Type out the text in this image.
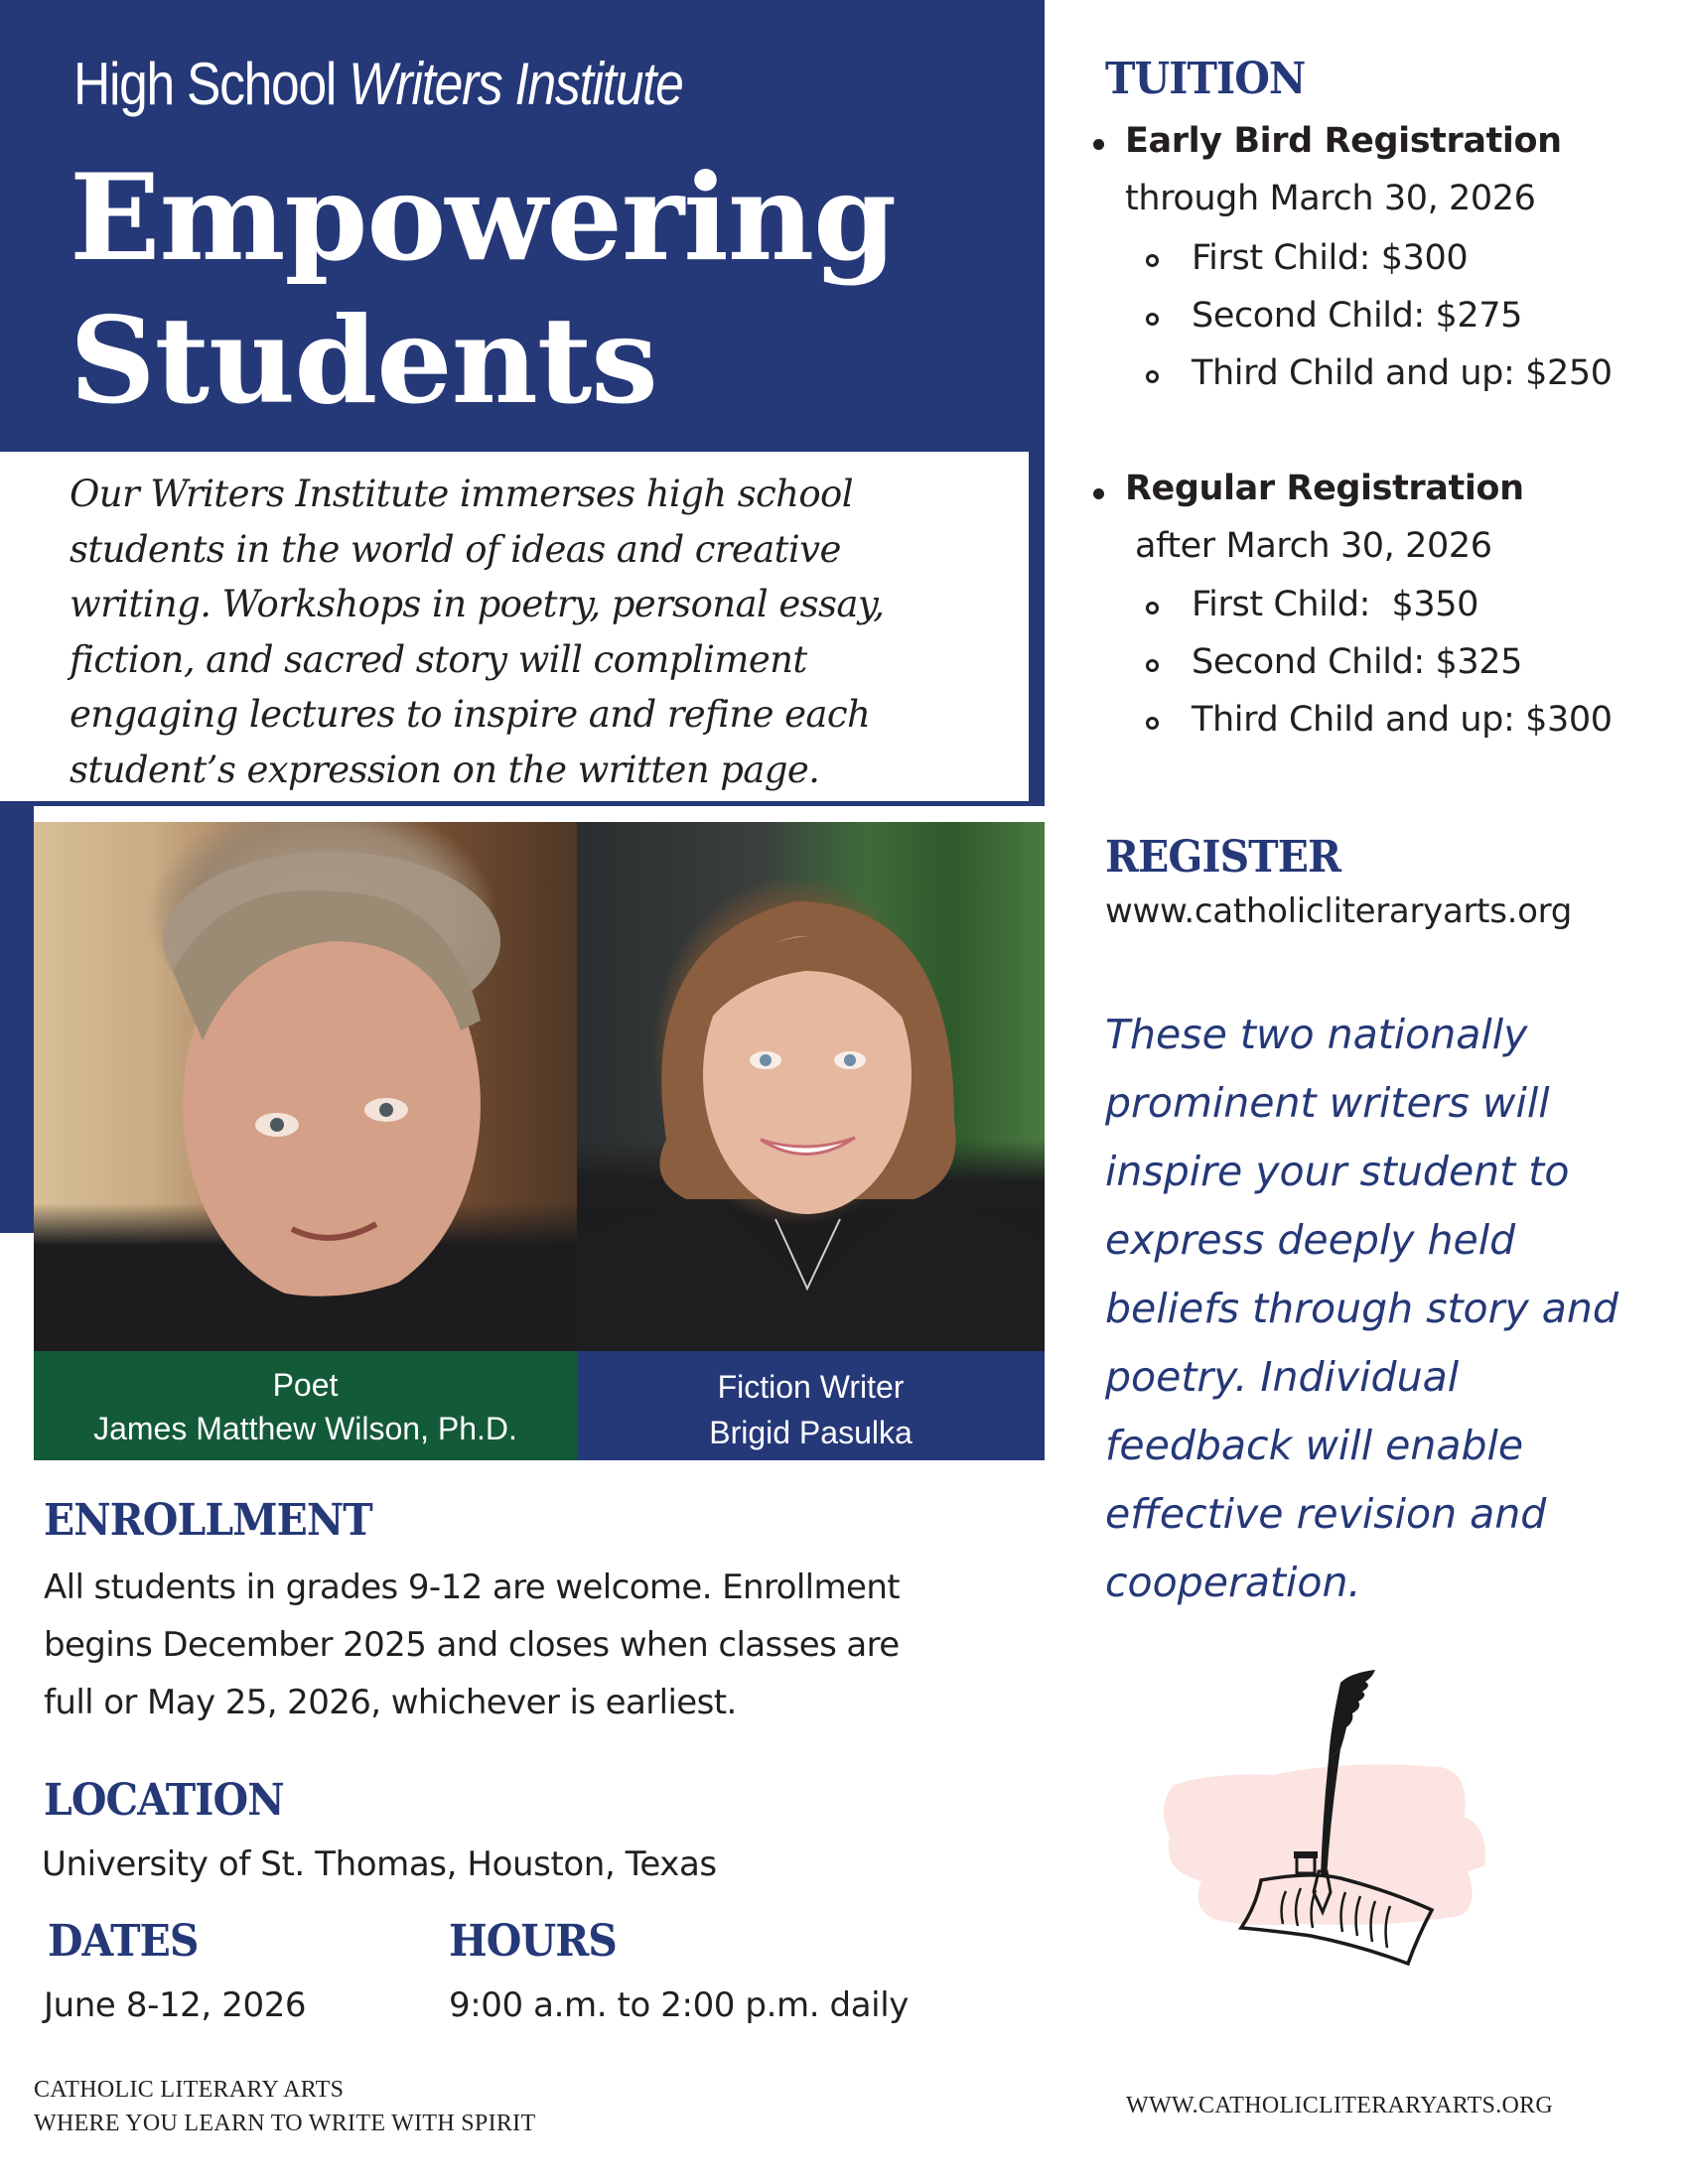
High School Writers Institute
Empowering
Students
Our Writers Institute immerses high school
students in the world of ideas and creative
writing. Workshops in poetry, personal essay,
fiction, and sacred story will compliment
engaging lectures to inspire and refine each
student’s expression on the written page.
Poet
James Matthew Wilson, Ph.D.
Fiction Writer
Brigid Pasulka
ENROLLMENT
All students in grades 9-12 are welcome. Enrollment
begins December 2025 and closes when classes are
full or May 25, 2026, whichever is earliest.
LOCATION
University of St. Thomas, Houston, Texas
DATES
June 8-12, 2026
HOURS
9:00 a.m. to 2:00 p.m. daily
CATHOLIC LITERARY ARTS
WHERE YOU LEARN TO WRITE WITH SPIRIT
TUITION
Early Bird Registration
through March 30, 2026
First Child: $300
Second Child: $275
Third Child and up: $250
Regular Registration
after March 30, 2026
First Child:  $350
Second Child: $325
Third Child and up: $300
REGISTER
www.catholicliteraryarts.org
These two nationally
prominent writers will
inspire your student to
express deeply held
beliefs through story and
poetry. Individual
feedback will enable
effective revision and
cooperation.
WWW.CATHOLICLITERARYARTS.ORG
